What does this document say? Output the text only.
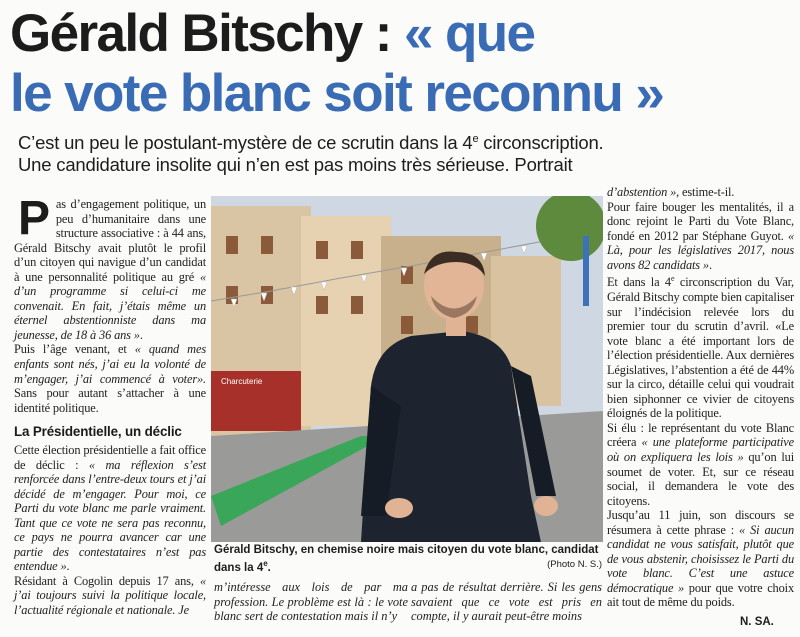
Gérald Bitschy : « que
le vote blanc soit reconnu »
C’est un peu le postulant-mystère de ce scrutin dans la 4e circonscription.
Une candidature insolite qui n’en est pas moins très sérieuse. Portrait

Pas d’engagement politique, un peu d’humanitaire dans une structure associative : à 44 ans, Gérald Bitschy avait plutôt le profil d’un citoyen qui navigue d’un candidat à une personnalité politique au gré « d’un programme si celui-ci me convenait. En fait, j’étais même un éternel abstentionniste dans ma jeunesse, de 18 à 36 ans ».

Puis l’âge venant, et « quand mes enfants sont nés, j’ai eu la volonté de m’engager, j’ai commencé à voter». Sans pour autant s’attacher à une identité politique.

La Présidentielle, un déclic

Cette élection présidentielle a fait office de déclic : « ma réflexion s’est renforcée dans l’entre-deux tours et j’ai décidé de m’engager. Pour moi, ce Parti du vote blanc me parle vraiment. Tant que ce vote ne sera pas reconnu, ce pays ne pourra avancer car une partie des contestataires n’est pas entendue ».

Résidant à Cogolin depuis 17 ans, « j’ai toujours suivi la politique locale, l’actualité régionale et nationale. Je

Charcuterie
Gérald Bitschy, en chemise noire mais citoyen du vote blanc, candidat dans la 4e.	(Photo N. S.)
m’intéresse aux lois de par ma profession. Le problème est là : le vote blanc sert de contestation mais il n’y
a pas de résultat derrière. Si les gens savaient que ce vote est pris en compte, il y aurait peut-être moins

d’abstention », estime-t-il.

Pour faire bouger les mentalités, il a donc rejoint le Parti du Vote Blanc, fondé en 2012 par Stéphane Guyot. « Là, pour les législatives 2017, nous avons 82 candidats ».

Et dans la 4e circonscription du Var, Gérald Bitschy compte bien capitaliser sur l’indécision relevée lors du premier tour du scrutin d’avril. «Le vote blanc a été important lors de l’élection présidentielle. Aux dernières Législatives, l’abstention a été de 44% sur la circo, détaille celui qui voudrait bien siphonner ce vivier de citoyens éloignés de la politique.

Si élu : le représentant du vote Blanc créera « une plateforme participative où on expliquera les lois » qu’on lui soumet de voter. Et, sur ce réseau social, il demandera le vote des citoyens.

Jusqu’au 11 juin, son discours se résumera à cette phrase : « Si aucun candidat ne vous satisfait, plutôt que de vous abstenir, choisissez le Parti du vote blanc. C’est une astuce démocratique » pour que votre choix ait tout de même du poids.

N. SA.
